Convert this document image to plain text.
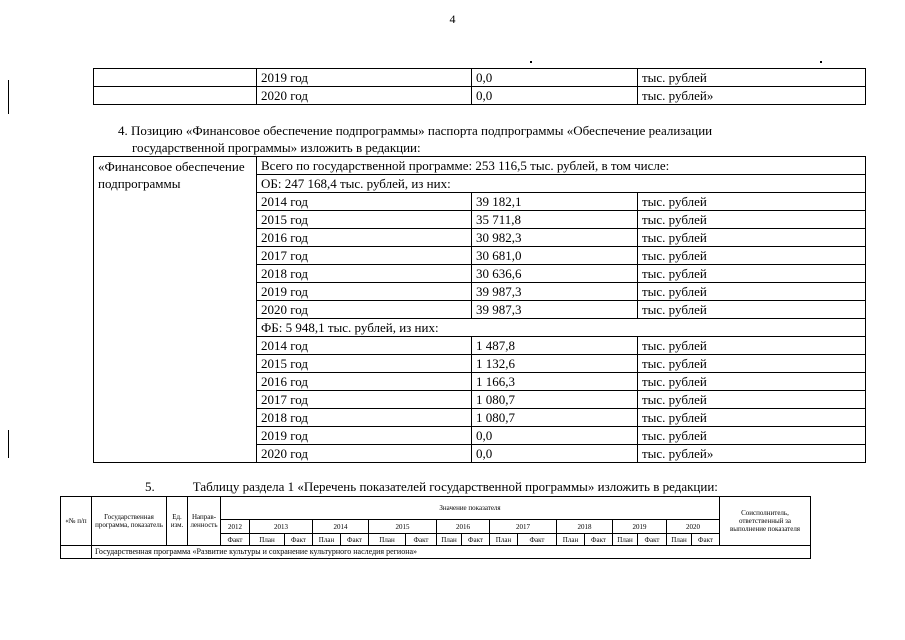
4
	2019 год	0,0	тыс. рублей
	2020 год	0,0	тыс. рублей»
4. Позицию «Финансовое обеспечение подпрограммы» паспорта подпрограммы «Обеспечение реализации
государственной программы» изложить в редакции:
«Финансовое обеспечение подпрограммы	Всего по государственной программе: 253 116,5 тыс. рублей, в том числе:		
	ОБ: 247 168,4 тыс. рублей, из них:		
	2014 год	39 182,1	тыс. рублей
	2015 год	35 711,8	тыс. рублей
	2016 год	30 982,3	тыс. рублей
	2017 год	30 681,0	тыс. рублей
	2018 год	30 636,6	тыс. рублей
	2019 год	39 987,3	тыс. рублей
	2020 год	39 987,3	тыс. рублей
	ФБ: 5 948,1 тыс. рублей, из них:		
	2014 год	1 487,8	тыс. рублей
	2015 год	1 132,6	тыс. рублей
	2016 год	1 166,3	тыс. рублей
	2017 год	1 080,7	тыс. рублей
	2018 год	1 080,7	тыс. рублей
	2019 год	0,0	тыс. рублей
	2020 год	0,0	тыс. рублей»
5.	Таблицу раздела 1 «Перечень показателей государственной программы» изложить в редакции:
«№ п/п	Государственная программа, показатель	Ед. изм.	Направ-ленность	Значение показателя																	Соисполнитель, ответственный за выполнение показателя
				2012	2013		2014		2015		2016		2017		2018		2019		2020		
				Факт	План	Факт	План	Факт	План	Факт	План	Факт	План	Факт	План	Факт	План	Факт	План	Факт	
	Государственная программа «Развитие культуры и сохранение культурного наследия региона»																				
